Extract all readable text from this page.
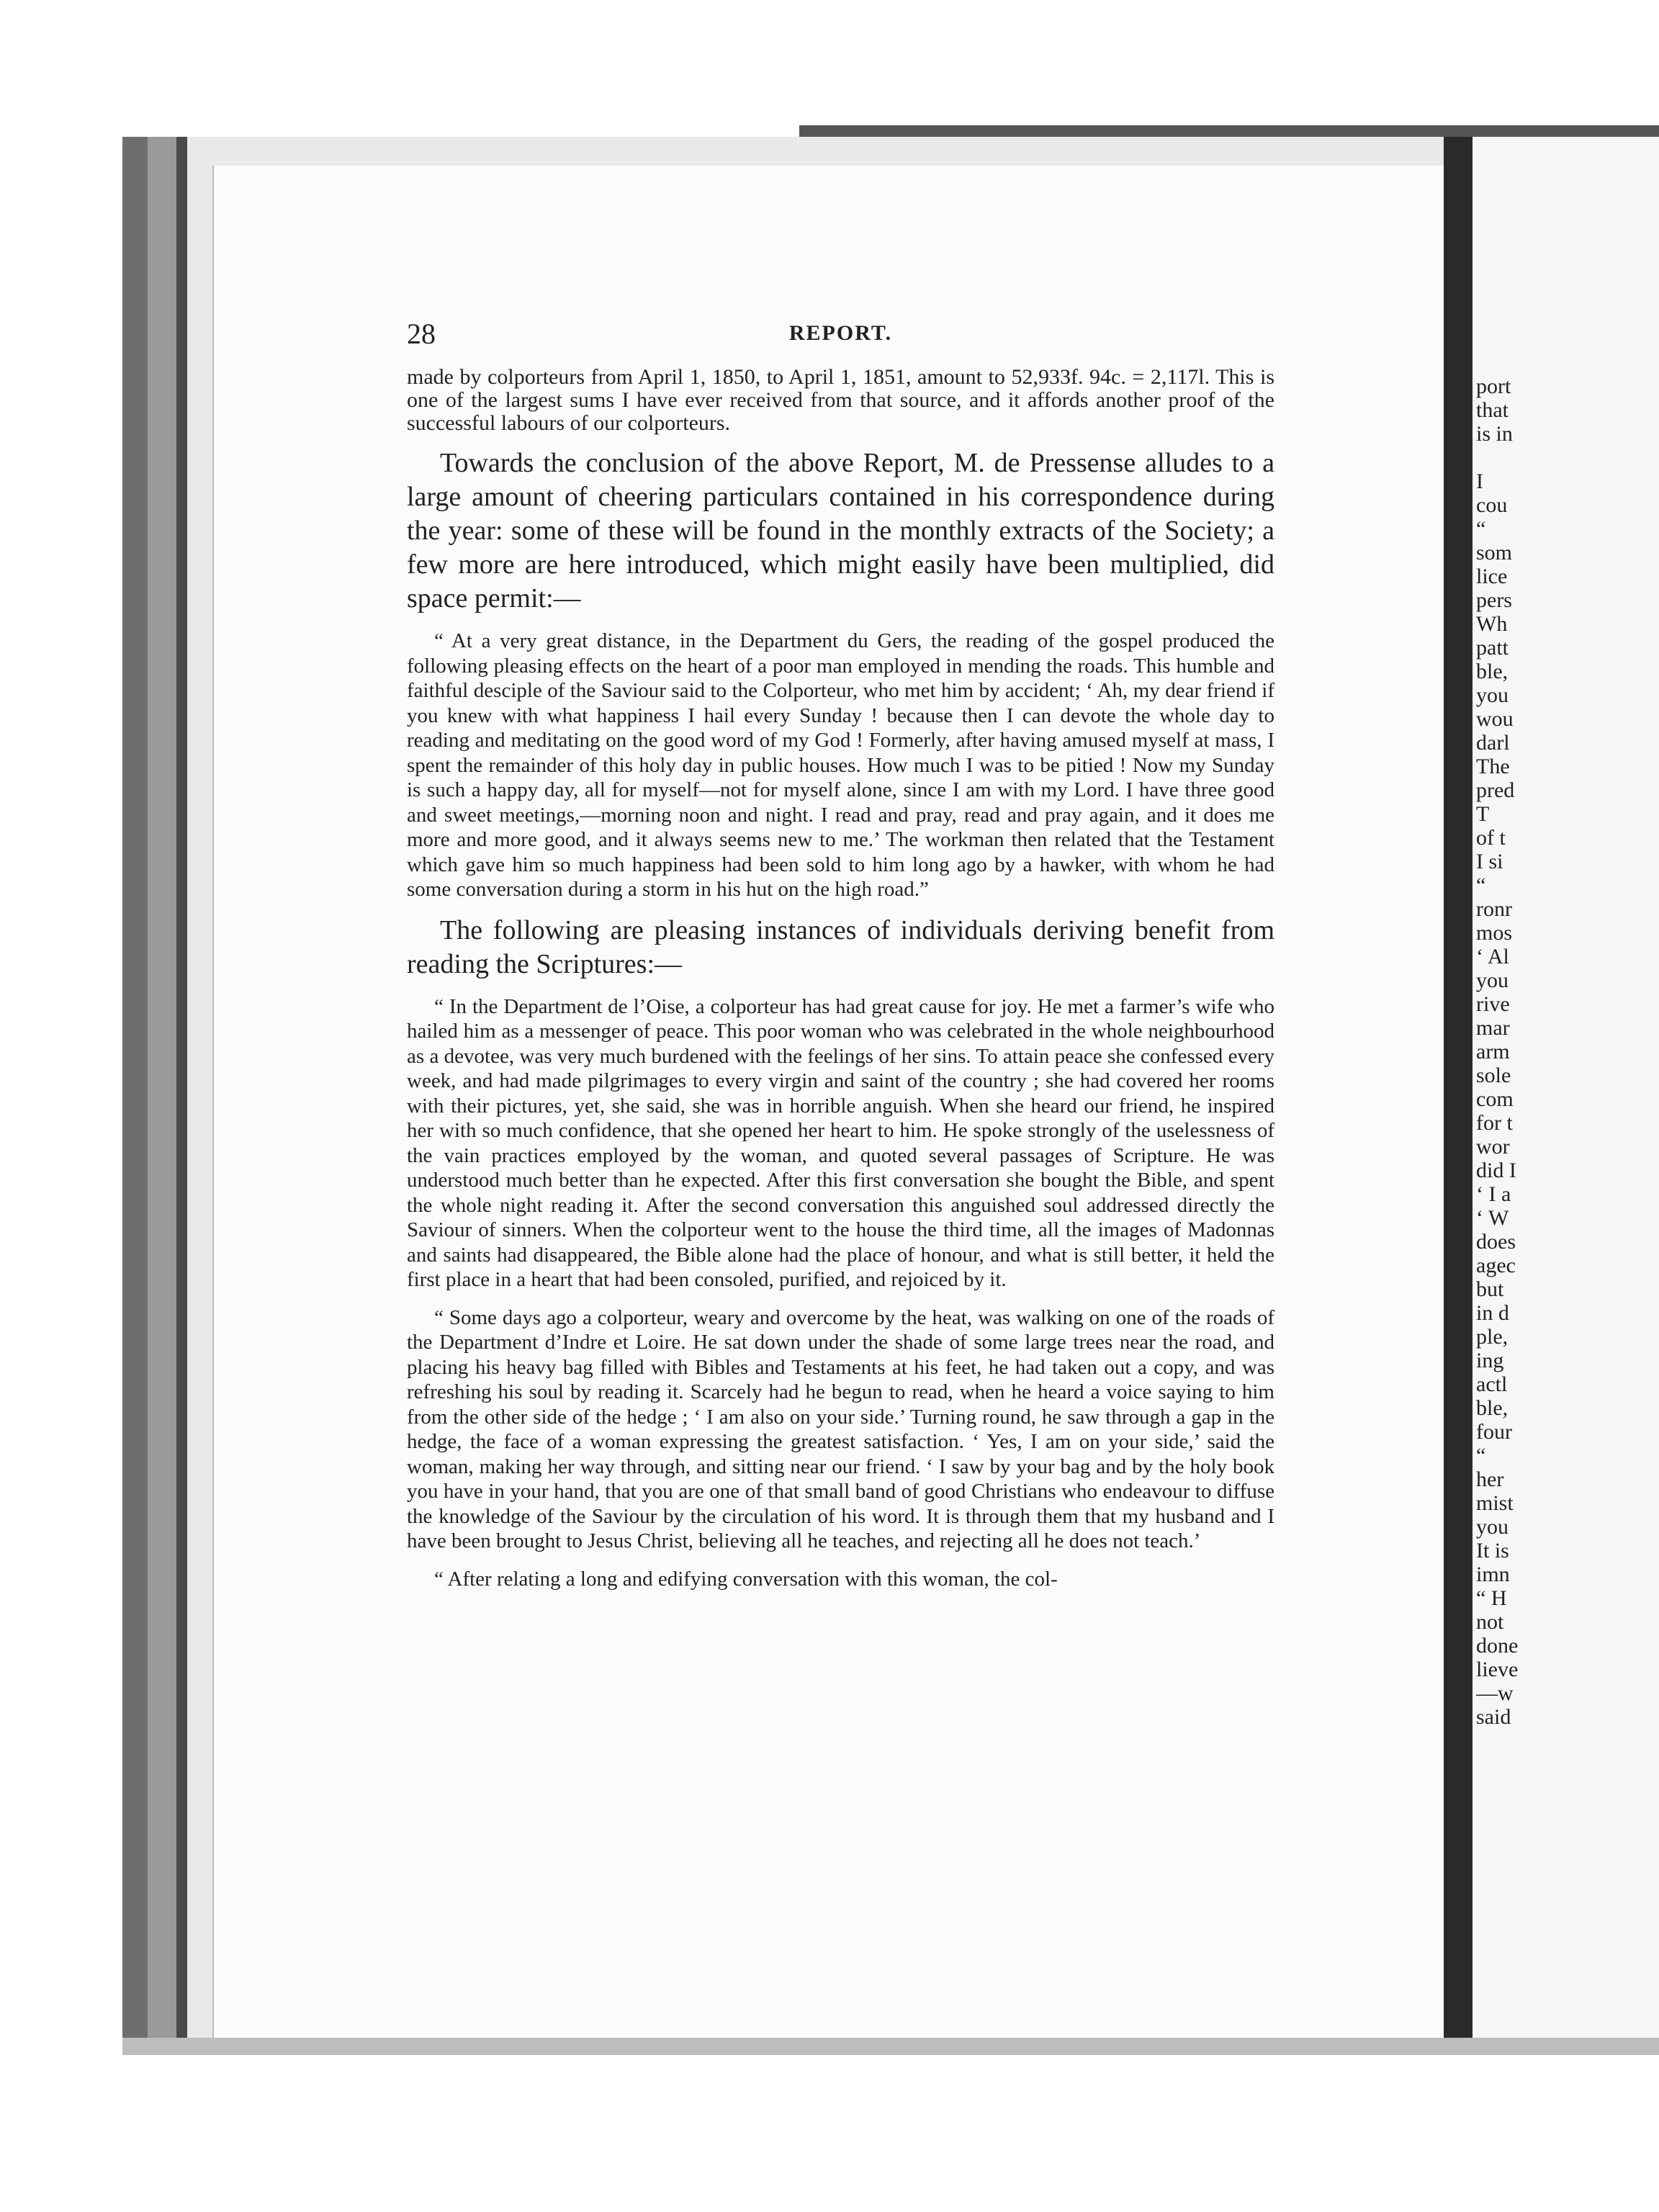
28	REPORT.

made by colporteurs from April 1, 1850, to April 1, 1851, amount to 52,933f. 94c. = 2,117l. This is one of the largest sums I have ever received from that source, and it affords another proof of the successful labours of our colporteurs.

Towards the conclusion of the above Report, M. de Pressense alludes to a large amount of cheering particulars contained in his correspondence during the year: some of these will be found in the monthly extracts of the Society; a few more are here introduced, which might easily have been multiplied, did space permit:—

“ At a very great distance, in the Department du Gers, the reading of the gospel produced the following pleasing effects on the heart of a poor man employed in mending the roads. This humble and faithful desciple of the Saviour said to the Colporteur, who met him by accident; ‘ Ah, my dear friend if you knew with what happiness I hail every Sunday ! because then I can devote the whole day to reading and meditating on the good word of my God ! Formerly, after having amused myself at mass, I spent the remainder of this holy day in public houses. How much I was to be pitied ! Now my Sunday is such a happy day, all for myself—not for myself alone, since I am with my Lord. I have three good and sweet meetings,—morning noon and night. I read and pray, read and pray again, and it does me more and more good, and it always seems new to me.’ The workman then related that the Testament which gave him so much happiness had been sold to him long ago by a hawker, with whom he had some conversation during a storm in his hut on the high road.”

The following are pleasing instances of individuals deriving benefit from reading the Scriptures:—

“ In the Department de l’Oise, a colporteur has had great cause for joy. He met a farmer’s wife who hailed him as a messenger of peace. This poor woman who was celebrated in the whole neighbourhood as a devotee, was very much burdened with the feelings of her sins. To attain peace she confessed every week, and had made pilgrimages to every virgin and saint of the country ; she had covered her rooms with their pictures, yet, she said, she was in horrible anguish. When she heard our friend, he inspired her with so much confidence, that she opened her heart to him. He spoke strongly of the uselessness of the vain practices employed by the woman, and quoted several passages of Scripture. He was understood much better than he expected. After this first conversation she bought the Bible, and spent the whole night reading it. After the second conversation this anguished soul addressed directly the Saviour of sinners. When the colporteur went to the house the third time, all the images of Madonnas and saints had disappeared, the Bible alone had the place of honour, and what is still better, it held the first place in a heart that had been consoled, purified, and rejoiced by it.

“ Some days ago a colporteur, weary and overcome by the heat, was walking on one of the roads of the Department d’Indre et Loire. He sat down under the shade of some large trees near the road, and placing his heavy bag filled with Bibles and Testaments at his feet, he had taken out a copy, and was refreshing his soul by reading it. Scarcely had he begun to read, when he heard a voice saying to him from the other side of the hedge ; ‘ I am also on your side.’ Turning round, he saw through a gap in the hedge, the face of a woman expressing the greatest satisfaction. ‘ Yes, I am on your side,’ said the woman, making her way through, and sitting near our friend. ‘ I saw by your bag and by the holy book you have in your hand, that you are one of that small band of good Christians who endeavour to diffuse the knowledge of the Saviour by the circulation of his word. It is through them that my husband and I have been brought to Jesus Christ, believing all he teaches, and rejecting all he does not teach.’

“ After relating a long and edifying conversation with this woman, the col-

port
that
is in

I
cou
“
som
lice
pers
Wh
patt
ble,
you
wou
darl
The
pred
T
of t
I si
“
ronr
mos
‘ Al
you
rive
mar
arm
sole
com
for t
wor
did I
‘ I a
‘ W
does
agec
but
in d
ple,
ing
actl
ble,
four
“
her
mist
you
It is
imn
“ H
not
done
lieve
—w
said
